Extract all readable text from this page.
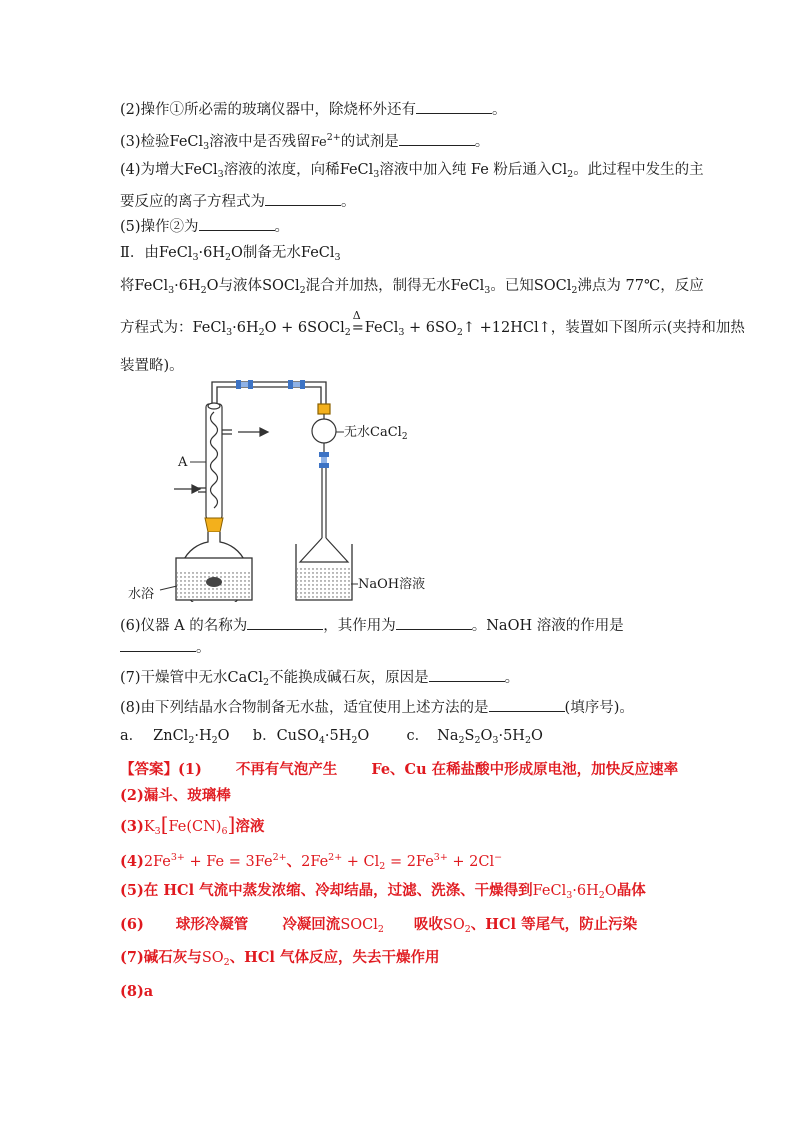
(2)操作①所必需的玻璃仪器中，除烧杯外还有	。
(3)检验FeCl$_3$溶液中是否残留$Fe^{2+}$的试剂是	。
(4)为增大FeCl$_3$溶液的浓度，向稀FeCl$_3$溶液中加入纯 Fe 粉后通入$Cl_2$。此过程中发生的主
要反应的离子方程式为	。
(5)操作②为	。
Ⅱ．由$FeCl_3\cdot 6H_2O$制备无水FeCl$_3$
将$FeCl_3\cdot 6H_2O$与液体SOCl$_2$混合并加热，制得无水FeCl$_3$。已知SOCl$_2$沸点为 77℃，反应
方程式为：$FeCl_3\cdot 6H_2O$ + 6SOCl$_2$
Δ
=FeCl$_3$ + $6SO_2↑$ +12HCl↑，装置如下图所示(夹持和加热
装置略)。
A
水浴
无水CaCl$_2$
NaOH溶液
(6)仪器 A 的名称为	，其作用为	。NaOH 溶液的作用是
。
(7)干燥管中无水CaCl$_2$不能换成碱石灰，原因是	。
(8)由下列结晶水合物制备无水盐，适宜使用上述方法的是	(填序号)。
a． $ZnCl_2\cdot H_2O$ b．$CuSO_4\cdot 5H_2O$	c． $Na_2S_2O_3\cdot 5H_2O$
【答案】(1) 不再有气泡产生 Fe、Cu 在稀盐酸中形成原电池，加快反应速率
(2)漏斗、玻璃棒
$(3)K_3[Fe(CN)_6]$溶液
$(4)2Fe^{3+} + Fe = 3Fe^{2+}$、$2Fe^{2+} + Cl_2 = 2Fe^{3+} + 2Cl^-$
(5)在 HCl 气流中蒸发浓缩、冷却结晶，过滤、洗涤、干燥得到$FeCl_3\cdot 6H_2O$晶体
(6) 球形冷凝管 冷凝回流SOCl$_2$ 吸收$SO_2$、HCl 等尾气，防止污染
(7)碱石灰与$SO_2$、HCl 气体反应，失去干燥作用
(8)a
